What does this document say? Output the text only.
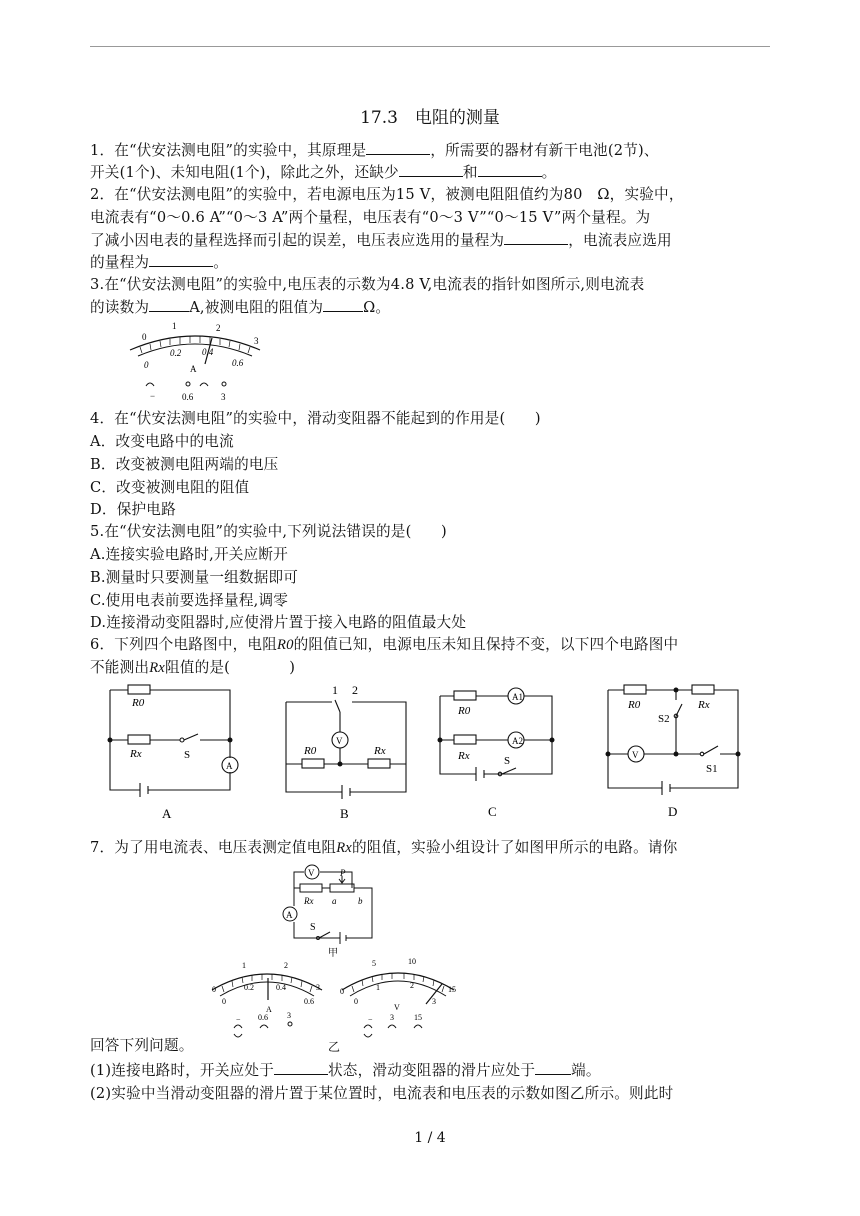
17.3　电阻的测量
1．在“伏安法测电阻”的实验中，其原理是	，所需要的器材有新干电池(2节)、
开关(1个)、未知电阻(1个)，除此之外，还缺少	和	。
2．在“伏安法测电阻”的实验中，若电源电压为15 V，被测电阻阻值约为80　Ω，实验中，
电流表有“0～0.6 A”“0～3 A”两个量程，电压表有“0～3 V”“0～15 V”两个量程。为
了减小因电表的量程选择而引起的误差，电压表应选用的量程为	，电流表应选用
的量程为	。
3.在“伏安法测电阻”的实验中,电压表的示数为4.8 V,电流表的指针如图所示,则电流表
的读数为	A,被测电阻的阻值为	Ω。
0
1	2
3
0
0.2 0.4
0.6
A
−	0.6	3
4．在“伏安法测电阻”的实验中，滑动变阻器不能起到的作用是(　　)
A．改变电路中的电流
B．改变被测电阻两端的电压
C．改变被测电阻的阻值
D．保护电路
5.在“伏安法测电阻”的实验中,下列说法错误的是(　　)
A.连接实验电路时,开关应断开
B.测量时只要测量一组数据即可
C.使用电表前要选择量程,调零
D.连接滑动变阻器时,应使滑片置于接入电路的阻值最大处
6．下列四个电路图中，电阻R0的阻值已知，电源电压未知且保持不变，以下四个电路图中
不能测出Rx阻值的是(　　　　)
R0
Rx	S
A
A
1 2
V
R0	Rx
B
A1
A2
R0
Rx	S
C
R0	Rx
S2
V
S1
D
7．为了用电流表、电压表测定值电阻Rx的阻值，实验小组设计了如图甲所示的电路。请你
V
A
P
Rx a b
S
甲
0
1	2
3
0
0.2	0.4
0.6
A
− 0.6 3
0
5	10
15
0
1	2
3
V
− 3	15
乙
回答下列问题。
(1)连接电路时，开关应处于	状态，滑动变阻器的滑片应处于 端。
(2)实验中当滑动变阻器的滑片置于某位置时，电流表和电压表的示数如图乙所示。则此时
1 / 4
